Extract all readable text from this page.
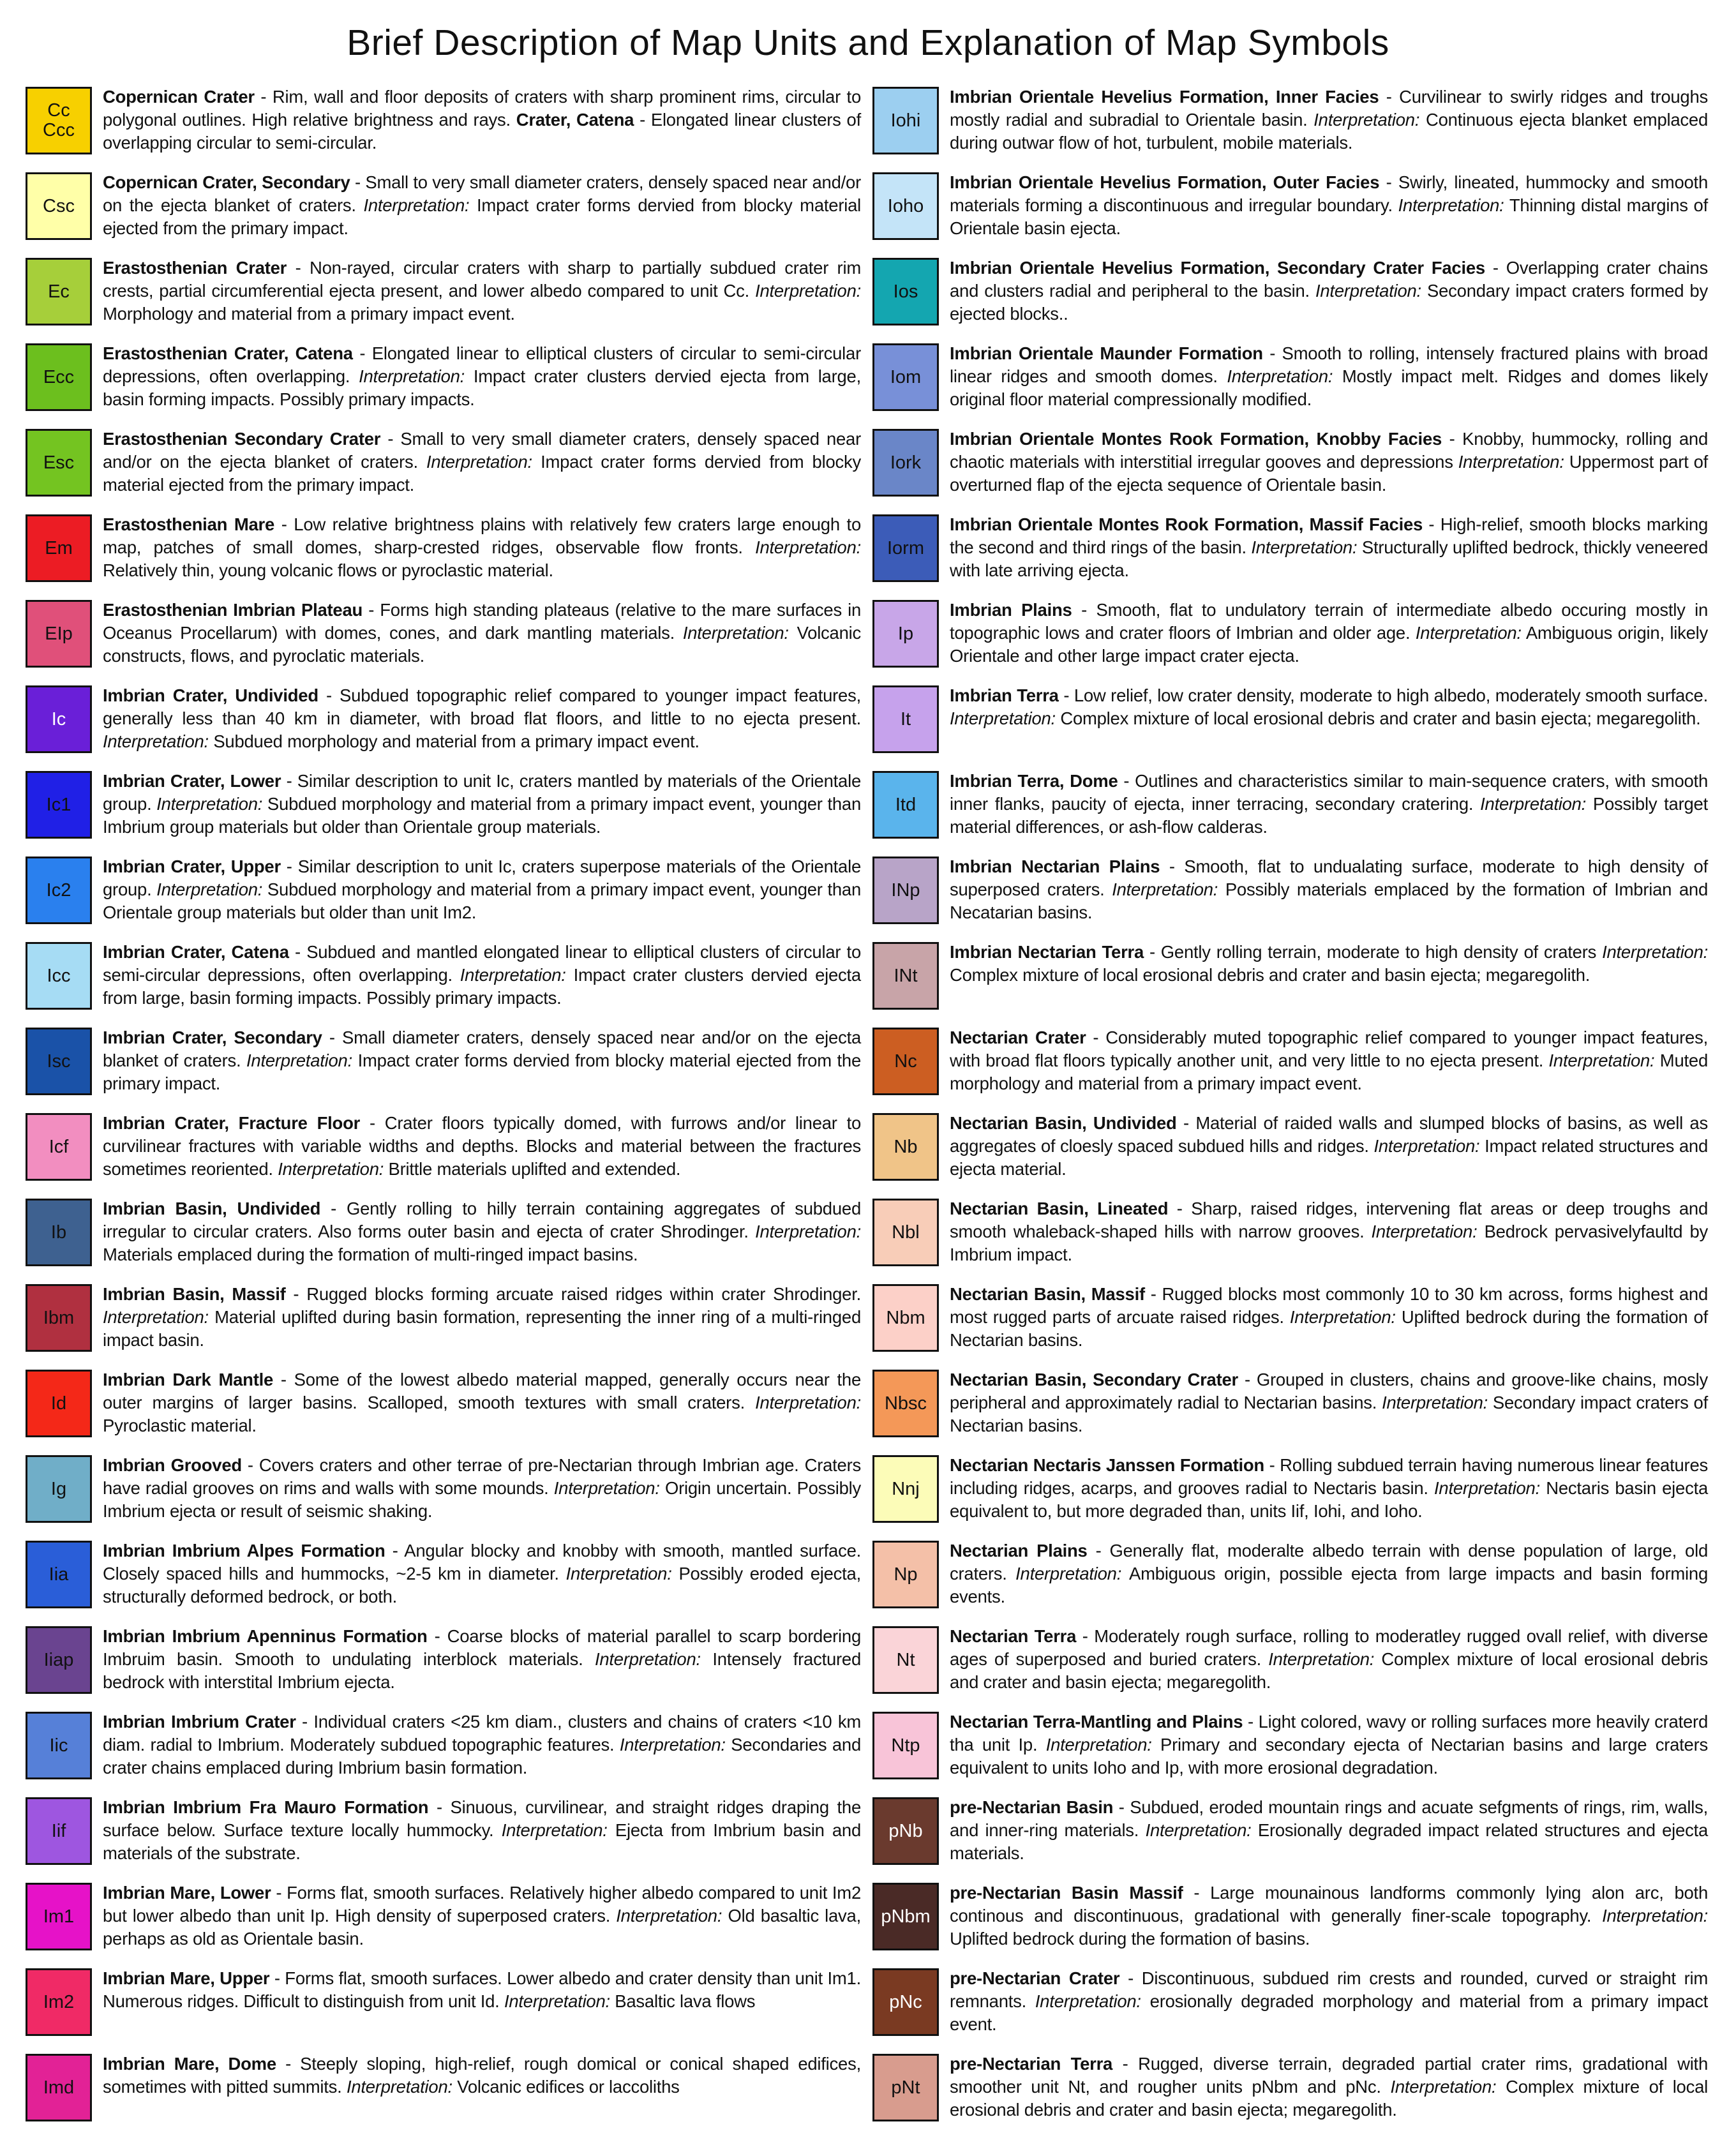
Brief Description of Map Units and Explanation of Map Symbols
Cc
Ccc

Copernican Crater - Rim, wall and floor deposits of craters with sharp prominent rims, circular to polygonal outlines. High relative brightness and rays. Crater, Catena - Elongated linear clusters of overlapping circular to semi-circular.

Csc

Copernican Crater, Secondary - Small to very small diameter craters, densely spaced near and/or on the ejecta blanket of craters. Interpretation: Impact crater forms dervied from blocky material ejected from the primary impact.

Ec

Erastosthenian Crater - Non-rayed, circular craters with sharp to partially subdued crater rim crests, partial circumferential ejecta present, and lower albedo compared to unit Cc. Interpretation: Morphology and material from a primary impact event.

Ecc

Erastosthenian Crater, Catena - Elongated linear to elliptical clusters of circular to semi-circular depressions, often overlapping. Interpretation: Impact crater clusters dervied ejecta from large, basin forming impacts. Possibly primary impacts.

Esc

Erastosthenian Secondary Crater - Small to very small diameter craters, densely spaced near and/or on the ejecta blanket of craters. Interpretation: Impact crater forms dervied from blocky material ejected from the primary impact.

Em

Erastosthenian Mare - Low relative brightness plains with relatively few craters large enough to map, patches of small domes, sharp-crested ridges, observable flow fronts. Interpretation: Relatively thin, young volcanic flows or pyroclastic material.

EIp

Erastosthenian Imbrian Plateau - Forms high standing plateaus (relative to the mare surfaces in Oceanus Procellarum) with domes, cones, and dark mantling materials. Interpretation: Volcanic constructs, flows, and pyroclatic materials.

Ic

Imbrian Crater, Undivided - Subdued topographic relief compared to younger impact features, generally less than 40 km in diameter, with broad flat floors, and little to no ejecta present. Interpretation: Subdued morphology and material from a primary impact event.

Ic1

Imbrian Crater, Lower - Similar description to unit Ic, craters mantled by materials of the Orientale group. Interpretation: Subdued morphology and material from a primary impact event, younger than Imbrium group materials but older than Orientale group materials.

Ic2

Imbrian Crater, Upper - Similar description to unit Ic, craters superpose materials of the Orientale group. Interpretation: Subdued morphology and material from a primary impact event, younger than Orientale group materials but older than unit Im2.

Icc

Imbrian Crater, Catena - Subdued and mantled elongated linear to elliptical clusters of circular to semi-circular depressions, often overlapping. Interpretation: Impact crater clusters dervied ejecta from large, basin forming impacts. Possibly primary impacts.

Isc

Imbrian Crater, Secondary - Small diameter craters, densely spaced near and/or on the ejecta blanket of craters. Interpretation: Impact crater forms dervied from blocky material ejected from the primary impact.

Icf

Imbrian Crater, Fracture Floor - Crater floors typically domed, with furrows and/or linear to curvilinear fractures with variable widths and depths. Blocks and material between the fractures sometimes reoriented. Interpretation: Brittle materials uplifted and extended.

Ib

Imbrian Basin, Undivided - Gently rolling to hilly terrain containing aggregates of subdued irregular to circular craters. Also forms outer basin and ejecta of crater Shrodinger. Interpretation: Materials emplaced during the formation of multi-ringed impact basins.

Ibm

Imbrian Basin, Massif - Rugged blocks forming arcuate raised ridges within crater Shrodinger. Interpretation: Material uplifted during basin formation, representing the inner ring of a multi-ringed impact basin.

Id

Imbrian Dark Mantle - Some of the lowest albedo material mapped, generally occurs near the outer margins of larger basins. Scalloped, smooth textures with small craters. Interpretation: Pyroclastic material.

Ig

Imbrian Grooved - Covers craters and other terrae of pre-Nectarian through Imbrian age. Craters have radial grooves on rims and walls with some mounds. Interpretation: Origin uncertain. Possibly Imbrium ejecta or result of seismic shaking.

Iia

Imbrian Imbrium Alpes Formation - Angular blocky and knobby with smooth, mantled surface. Closely spaced hills and hummocks, ~2-5 km in diameter. Interpretation: Possibly eroded ejecta, structurally deformed bedrock, or both.

Iiap

Imbrian Imbrium Apenninus Formation - Coarse blocks of material parallel to scarp bordering Imbruim basin. Smooth to undulating interblock materials. Interpretation: Intensely fractured bedrock with interstital Imbrium ejecta.

Iic

Imbrian Imbrium Crater - Individual craters <25 km diam., clusters and chains of craters <10 km diam. radial to Imbrium. Moderately subdued topographic features. Interpretation: Secondaries and crater chains emplaced during Imbrium basin formation.

Iif

Imbrian Imbrium Fra Mauro Formation - Sinuous, curvilinear, and straight ridges draping the surface below. Surface texture locally hummocky. Interpretation: Ejecta from Imbrium basin and materials of the substrate.

Im1

Imbrian Mare, Lower - Forms flat, smooth surfaces. Relatively higher albedo compared to unit Im2 but lower albedo than unit Ip. High density of superposed craters. Interpretation: Old basaltic lava, perhaps as old as Orientale basin.

Im2

Imbrian Mare, Upper - Forms flat, smooth surfaces. Lower albedo and crater density than unit Im1. Numerous ridges. Difficult to distinguish from unit Id. Interpretation: Basaltic lava flows

Imd

Imbrian Mare, Dome - Steeply sloping, high-relief, rough domical or conical shaped edifices, sometimes with pitted summits. Interpretation: Volcanic edifices or laccoliths

Iohi

Imbrian Orientale Hevelius Formation, Inner Facies - Curvilinear to swirly ridges and troughs mostly radial and subradial to Orientale basin. Interpretation: Continuous ejecta blanket emplaced during outwar flow of hot, turbulent, mobile materials.

Ioho

Imbrian Orientale Hevelius Formation, Outer Facies - Swirly, lineated, hummocky and smooth materials forming a discontinuous and irregular boundary. Interpretation: Thinning distal margins of Orientale basin ejecta.

Ios

Imbrian Orientale Hevelius Formation, Secondary Crater Facies - Overlapping crater chains and clusters radial and peripheral to the basin. Interpretation: Secondary impact craters formed by ejected blocks..

Iom

Imbrian Orientale Maunder Formation - Smooth to rolling, intensely fractured plains with broad linear ridges and smooth domes. Interpretation: Mostly impact melt. Ridges and domes likely original floor material compressionally modified.

Iork

Imbrian Orientale Montes Rook Formation, Knobby Facies - Knobby, hummocky, rolling and chaotic materials with interstitial irregular gooves and depressions Interpretation: Uppermost part of overturned flap of the ejecta sequence of Orientale basin.

Iorm

Imbrian Orientale Montes Rook Formation, Massif Facies - High-relief, smooth blocks marking the second and third rings of the basin. Interpretation: Structurally uplifted bedrock, thickly veneered with late arriving ejecta.

Ip

Imbrian Plains - Smooth, flat to undulatory terrain of intermediate albedo occuring mostly in topographic lows and crater floors of Imbrian and older age. Interpretation: Ambiguous origin, likely Orientale and other large impact crater ejecta.

It

Imbrian Terra - Low relief, low crater density, moderate to high albedo, moderately smooth surface. Interpretation: Complex mixture of local erosional debris and crater and basin ejecta; megaregolith.

Itd

Imbrian Terra, Dome - Outlines and characteristics similar to main-sequence craters, with smooth inner flanks, paucity of ejecta, inner terracing, secondary cratering. Interpretation: Possibly target material differences, or ash-flow calderas.

INp

Imbrian Nectarian Plains - Smooth, flat to undualating surface, moderate to high density of superposed craters. Interpretation: Possibly materials emplaced by the formation of Imbrian and Necatarian basins.

INt

Imbrian Nectarian Terra - Gently rolling terrain, moderate to high density of craters Interpretation: Complex mixture of local erosional debris and crater and basin ejecta; megaregolith.

Nc

Nectarian Crater - Considerably muted topographic relief compared to younger impact features, with broad flat floors typically another unit, and very little to no ejecta present. Interpretation: Muted morphology and material from a primary impact event.

Nb

Nectarian Basin, Undivided - Material of raided walls and slumped blocks of basins, as well as aggregates of cloesly spaced subdued hills and ridges. Interpretation: Impact related structures and ejecta material.

Nbl

Nectarian Basin, Lineated - Sharp, raised ridges, intervening flat areas or deep troughs and smooth whaleback-shaped hills with narrow grooves. Interpretation: Bedrock pervasivelyfaultd by Imbrium impact.

Nbm

Nectarian Basin, Massif - Rugged blocks most commonly 10 to 30 km across, forms highest and most rugged parts of arcuate raised ridges. Interpretation: Uplifted bedrock during the formation of Nectarian basins.

Nbsc

Nectarian Basin, Secondary Crater - Grouped in clusters, chains and groove-like chains, mosly peripheral and approximately radial to Nectarian basins. Interpretation: Secondary impact craters of Nectarian basins.

Nnj

Nectarian Nectaris Janssen Formation - Rolling subdued terrain having numerous linear features including ridges, acarps, and grooves radial to Nectaris basin. Interpretation: Nectaris basin ejecta equivalent to, but more degraded than, units Iif, Iohi, and Ioho.

Np

Nectarian Plains - Generally flat, moderalte albedo terrain with dense population of large, old craters. Interpretation: Ambiguous origin, possible ejecta from large impacts and basin forming events.

Nt

Nectarian Terra - Moderately rough surface, rolling to moderatley rugged ovall relief, with diverse ages of superposed and buried craters. Interpretation: Complex mixture of local erosional debris and crater and basin ejecta; megaregolith.

Ntp

Nectarian Terra-Mantling and Plains - Light colored, wavy or rolling surfaces more heavily craterd tha unit Ip. Interpretation: Primary and secondary ejecta of Nectarian basins and large craters equivalent to units Ioho and Ip, with more erosional degradation.

pNb

pre-Nectarian Basin - Subdued, eroded mountain rings and acuate sefgments of rings, rim, walls, and inner-ring materials. Interpretation: Erosionally degraded impact related structures and ejecta materials.

pNbm

pre-Nectarian Basin Massif - Large mounainous landforms commonly lying alon arc, both continous and discontinuous, gradational with generally finer-scale topography. Interpretation: Uplifted bedrock during the formation of basins.

pNc

pre-Nectarian Crater - Discontinuous, subdued rim crests and rounded, curved or straight rim remnants. Interpretation: erosionally degraded morphology and material from a primary impact event.

pNt

pre-Nectarian Terra - Rugged, diverse terrain, degraded partial crater rims, gradational with smoother unit Nt, and rougher units pNbm and pNc. Interpretation: Complex mixture of local erosional debris and crater and basin ejecta; megaregolith.
